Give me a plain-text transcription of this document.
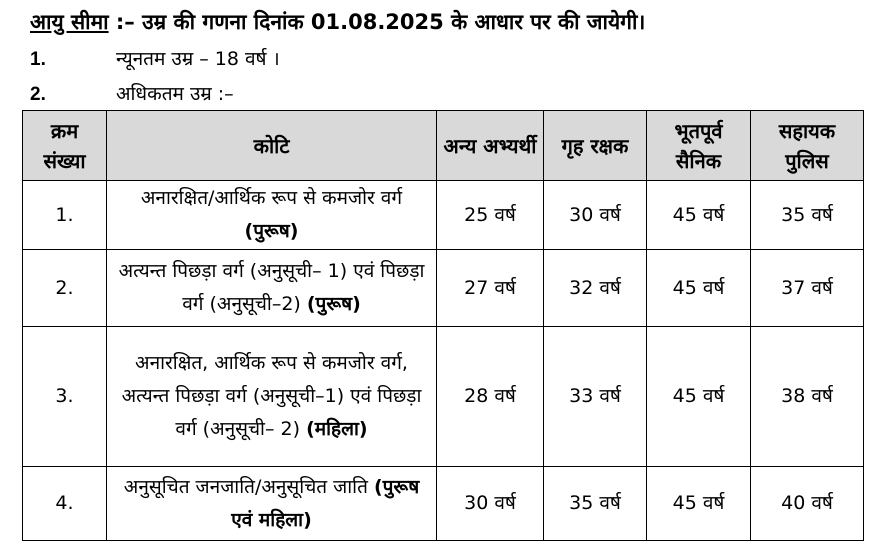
आयु सीमा :– उम्र की गणना दिनांक 01.08.2025 के आधार पर की जायेगी।
1.	न्यूनतम उम्र – 18 वर्ष ।
2.	अधिकतम उम्र :–
क्रम संख्या	कोटि	अन्य अभ्यर्थी	गृह रक्षक	भूतपूर्व सैनिक	सहायक पुलिस
1.	अनारक्षित/आर्थिक रूप से कमजोर वर्ग (पुरूष)	25 वर्ष	30 वर्ष	45 वर्ष	35 वर्ष
2.	अत्यन्त पिछड़ा वर्ग (अनुसूची– 1) एवं पिछड़ा वर्ग (अनुसूची–2) (पुरूष)	27 वर्ष	32 वर्ष	45 वर्ष	37 वर्ष
3.	अनारक्षित, आर्थिक रूप से कमजोर वर्ग, अत्यन्त पिछड़ा वर्ग (अनुसूची–1) एवं पिछड़ा वर्ग (अनुसूची– 2) (महिला)	28 वर्ष	33 वर्ष	45 वर्ष	38 वर्ष
4.	अनुसूचित जनजाति/अनुसूचित जाति (पुरूष एवं महिला)	30 वर्ष	35 वर्ष	45 वर्ष	40 वर्ष
